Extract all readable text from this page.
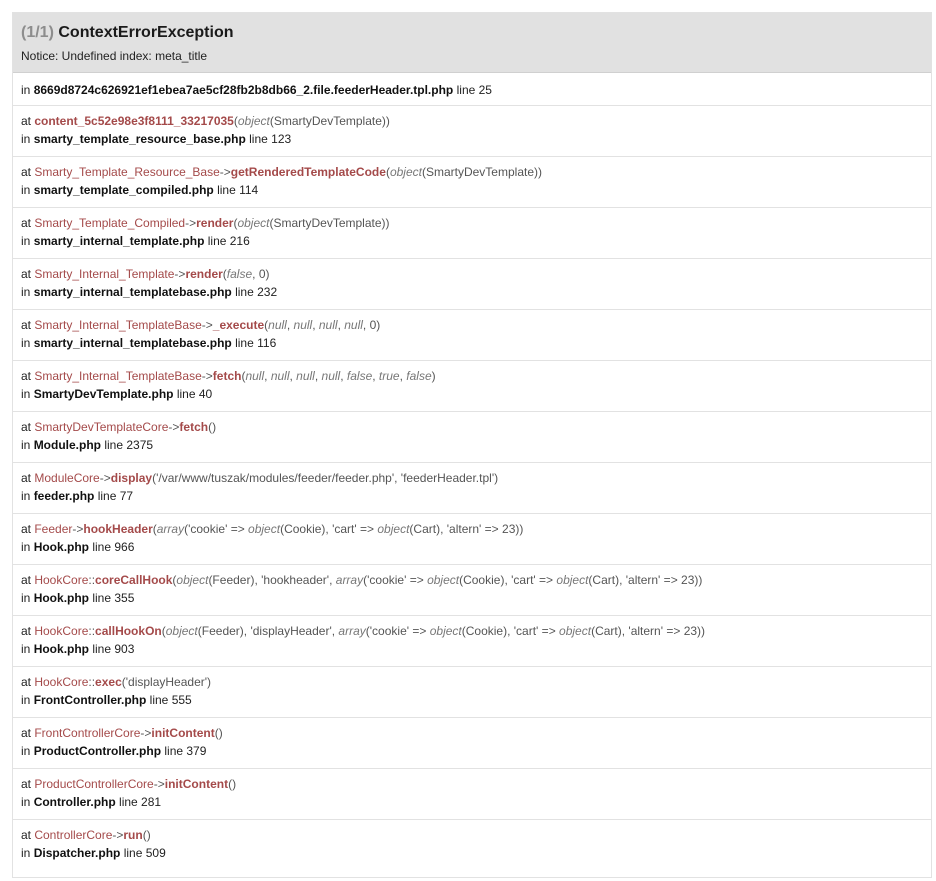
(1/1) ContextErrorException
Notice: Undefined index: meta_title
in 8669d8724c626921ef1ebea7ae5cf28fb2b8db66_2.file.feederHeader.tpl.php line 25
at content_5c52e98e3f8111_33217035(object(SmartyDevTemplate))
in smarty_template_resource_base.php line 123
at Smarty_Template_Resource_Base->getRenderedTemplateCode(object(SmartyDevTemplate))
in smarty_template_compiled.php line 114
at Smarty_Template_Compiled->render(object(SmartyDevTemplate))
in smarty_internal_template.php line 216
at Smarty_Internal_Template->render(false, 0)
in smarty_internal_templatebase.php line 232
at Smarty_Internal_TemplateBase->_execute(null, null, null, null, 0)
in smarty_internal_templatebase.php line 116
at Smarty_Internal_TemplateBase->fetch(null, null, null, null, false, true, false)
in SmartyDevTemplate.php line 40
at SmartyDevTemplateCore->fetch()
in Module.php line 2375
at ModuleCore->display('/var/www/tuszak/modules/feeder/feeder.php', 'feederHeader.tpl')
in feeder.php line 77
at Feeder->hookHeader(array('cookie' => object(Cookie), 'cart' => object(Cart), 'altern' => 23))
in Hook.php line 966
at HookCore::coreCallHook(object(Feeder), 'hookheader', array('cookie' => object(Cookie), 'cart' => object(Cart), 'altern' => 23))
in Hook.php line 355
at HookCore::callHookOn(object(Feeder), 'displayHeader', array('cookie' => object(Cookie), 'cart' => object(Cart), 'altern' => 23))
in Hook.php line 903
at HookCore::exec('displayHeader')
in FrontController.php line 555
at FrontControllerCore->initContent()
in ProductController.php line 379
at ProductControllerCore->initContent()
in Controller.php line 281
at ControllerCore->run()
in Dispatcher.php line 509
